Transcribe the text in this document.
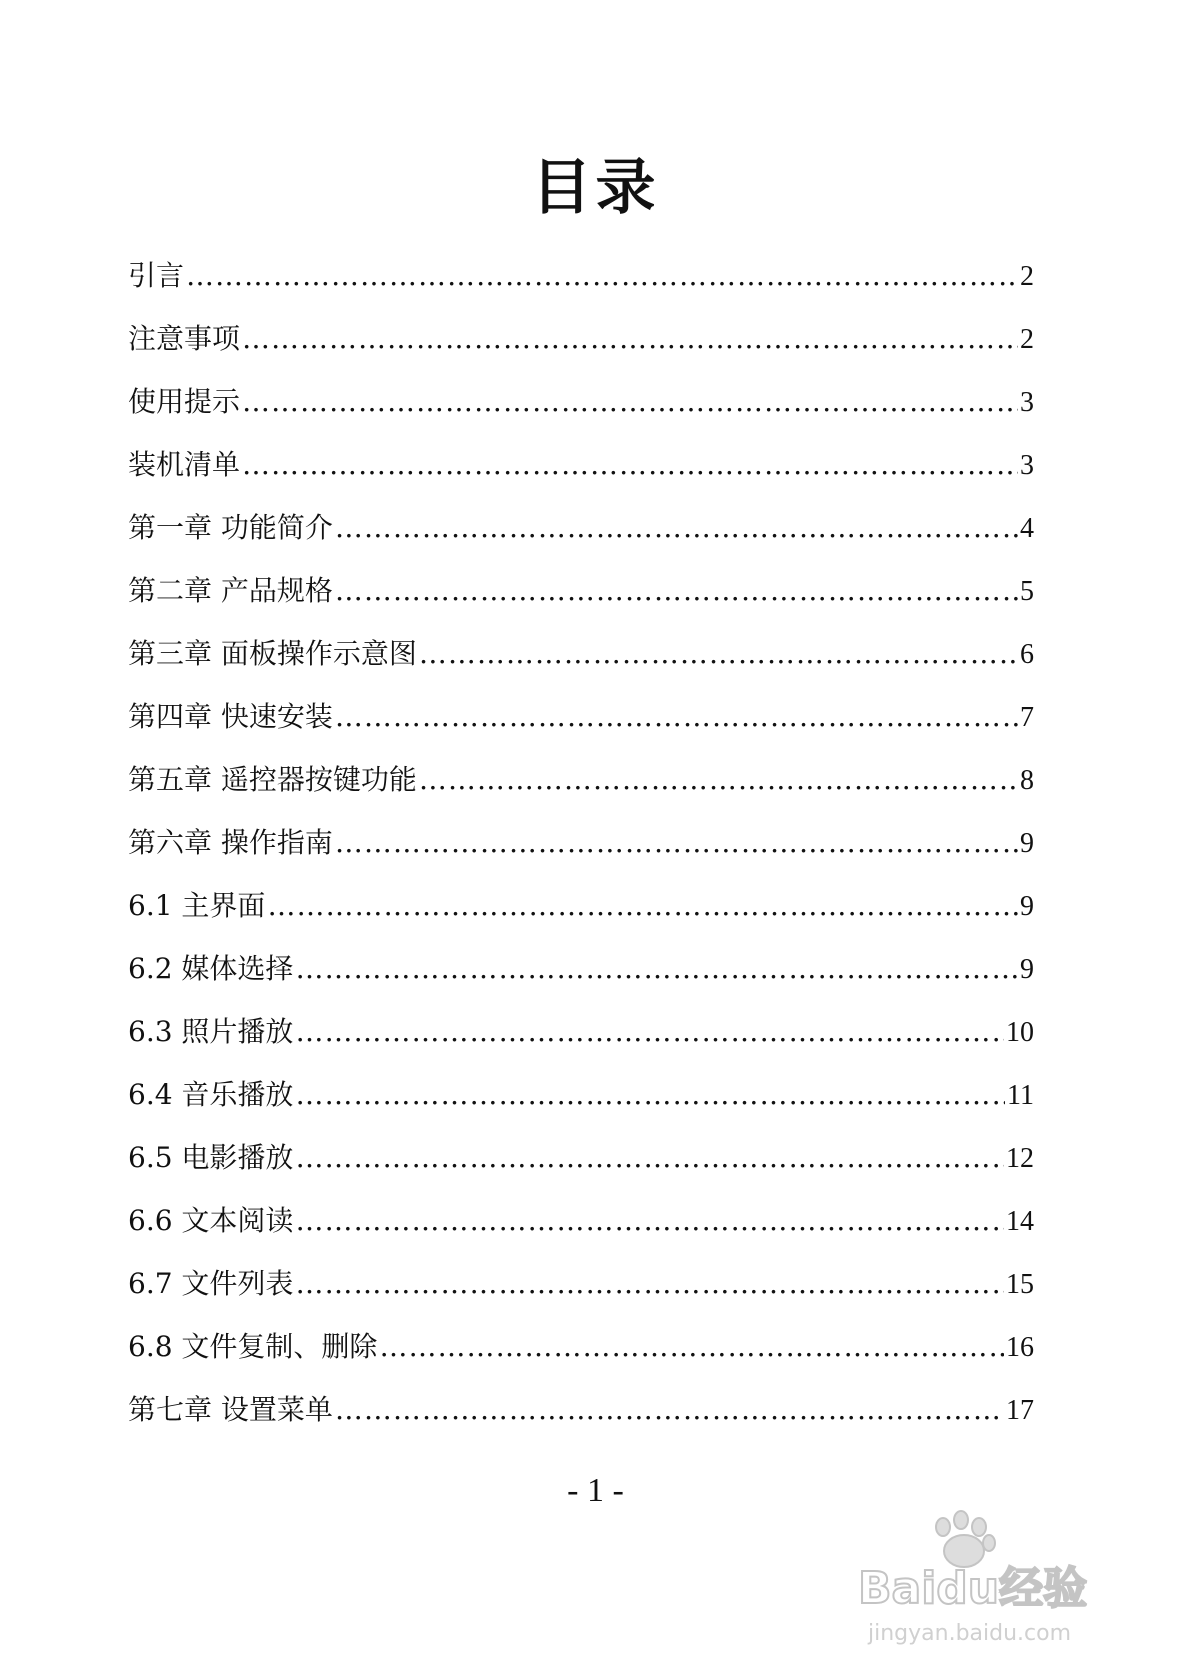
目录
引言 …………………………………………………………………………………………………………………………………………………………………………	2
注意事项 …………………………………………………………………………………………………………………………………………………………………………	2
使用提示 …………………………………………………………………………………………………………………………………………………………………………	3
装机清单 …………………………………………………………………………………………………………………………………………………………………………	3
第一章 功能简介 …………………………………………………………………………………………………………………………………………………………………………	4
第二章 产品规格 …………………………………………………………………………………………………………………………………………………………………………	5
第三章 面板操作示意图 …………………………………………………………………………………………………………………………………………………………………………	6
第四章 快速安装 …………………………………………………………………………………………………………………………………………………………………………	7
第五章 遥控器按键功能 …………………………………………………………………………………………………………………………………………………………………………	8
第六章 操作指南 …………………………………………………………………………………………………………………………………………………………………………	9
6.1 主界面 …………………………………………………………………………………………………………………………………………………………………………	9
6.2 媒体选择 …………………………………………………………………………………………………………………………………………………………………………	9
6.3 照片播放 …………………………………………………………………………………………………………………………………………………………………………	10
6.4 音乐播放 …………………………………………………………………………………………………………………………………………………………………………	11
6.5 电影播放 …………………………………………………………………………………………………………………………………………………………………………	12
6.6 文本阅读 …………………………………………………………………………………………………………………………………………………………………………	14
6.7 文件列表 …………………………………………………………………………………………………………………………………………………………………………	15
6.8 文件复制、删除 …………………………………………………………………………………………………………………………………………………………………………	16
第七章 设置菜单 …………………………………………………………………………………………………………………………………………………………………………	17

- 1 -

Baidu经验
jingyan.baidu.com
